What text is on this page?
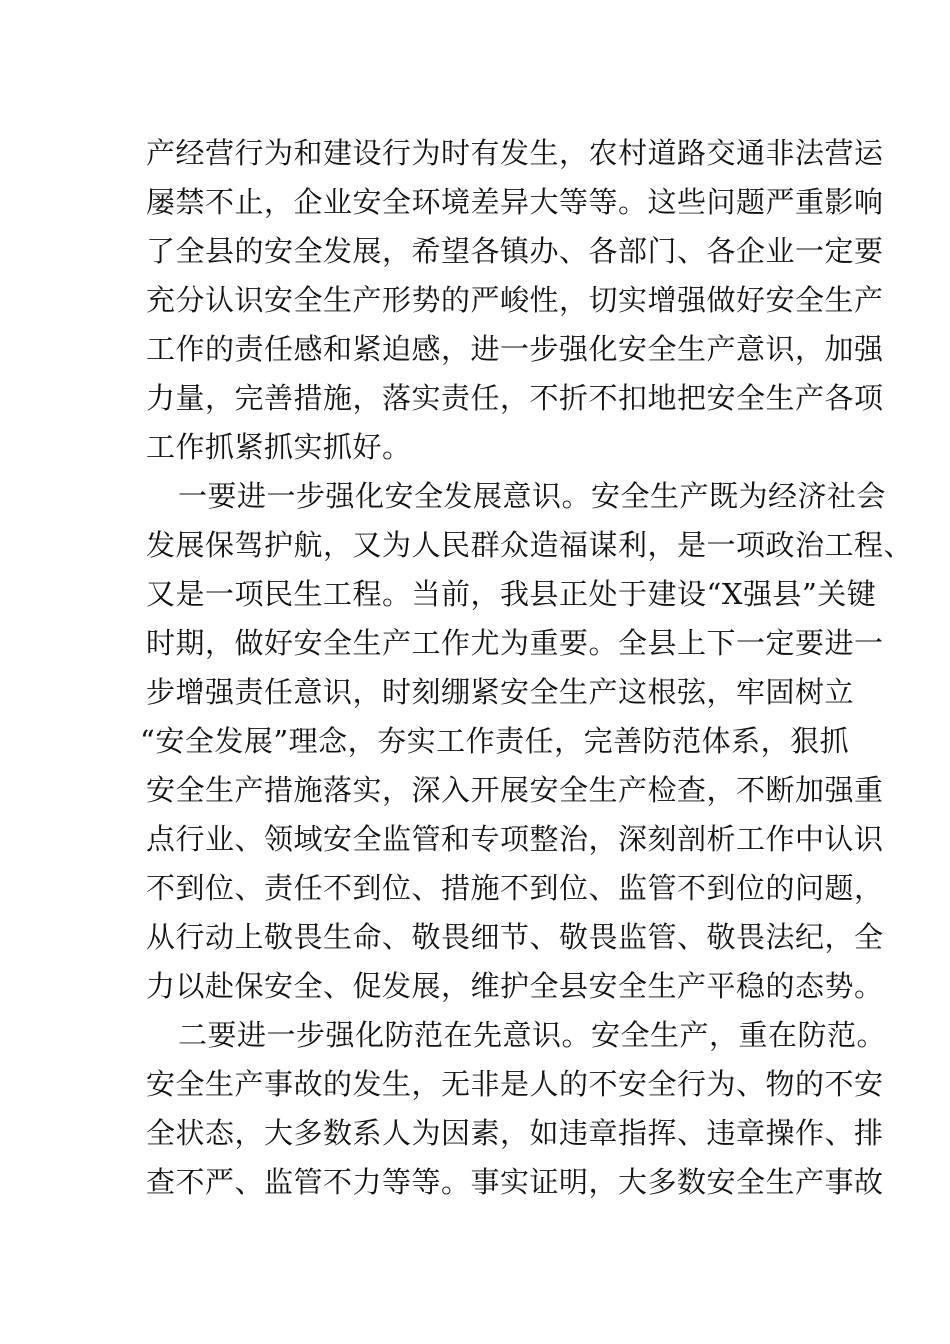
产经营行为和建设行为时有发生，农村道路交通非法营运
屡禁不止，企业安全环境差异大等等。这些问题严重影响
了全县的安全发展，希望各镇办、各部门、各企业一定要
充分认识安全生产形势的严峻性，切实增强做好安全生产
工作的责任感和紧迫感，进一步强化安全生产意识，加强
力量，完善措施，落实责任，不折不扣地把安全生产各项
工作抓紧抓实抓好。
一要进一步强化安全发展意识。安全生产既为经济社会
发展保驾护航，又为人民群众造福谋利，是一项政治工程、
又是一项民生工程。当前，我县正处于建设“X强县”关键
时期，做好安全生产工作尤为重要。全县上下一定要进一
步增强责任意识，时刻绷紧安全生产这根弦，牢固树立
“安全发展”理念，夯实工作责任，完善防范体系，狠抓
安全生产措施落实，深入开展安全生产检查，不断加强重
点行业、领域安全监管和专项整治，深刻剖析工作中认识
不到位、责任不到位、措施不到位、监管不到位的问题，
从行动上敬畏生命、敬畏细节、敬畏监管、敬畏法纪，全
力以赴保安全、促发展，维护全县安全生产平稳的态势。
二要进一步强化防范在先意识。安全生产，重在防范。
安全生产事故的发生，无非是人的不安全行为、物的不安
全状态，大多数系人为因素，如违章指挥、违章操作、排
查不严、监管不力等等。事实证明，大多数安全生产事故
